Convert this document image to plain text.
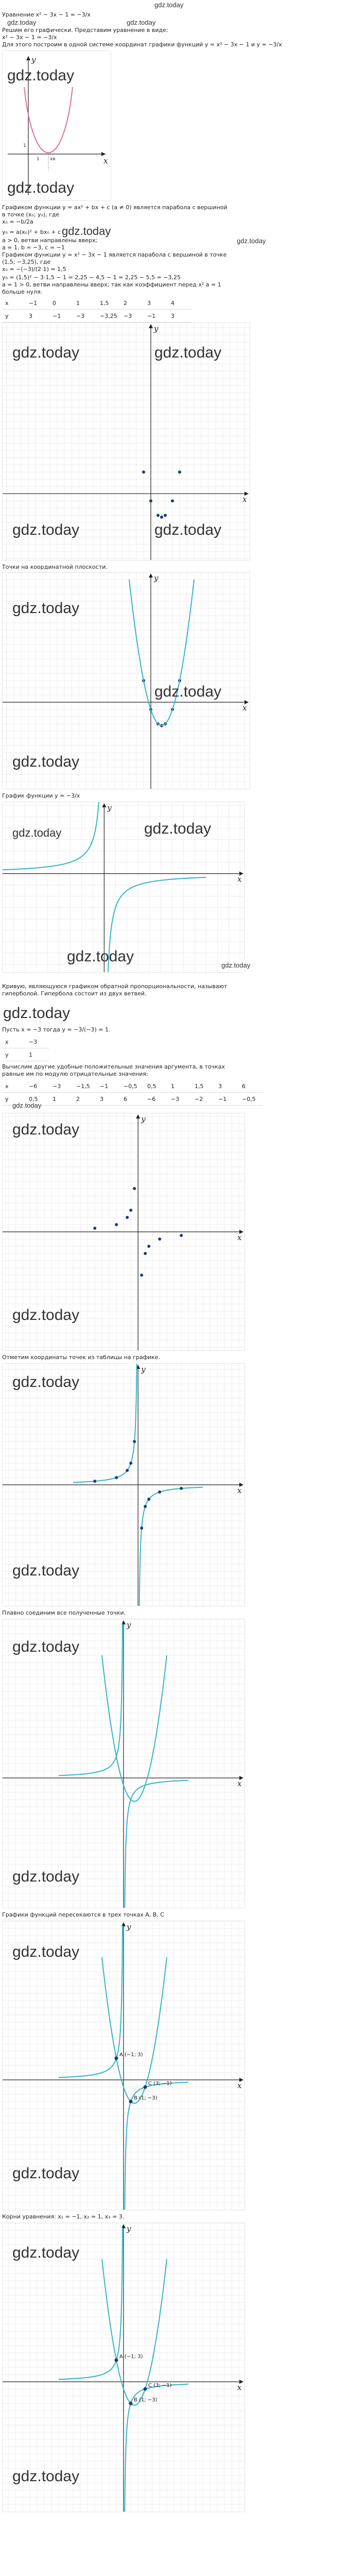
gdz.today
Уравнение x² − 3x − 1 = −3/x
gdz.today	gdz.today
Решим его графически. Представим уравнение в виде:
x² − 3x − 1 = −3/x
Для этого построим в одной системе координат графики функций y = x² − 3x − 1 и y = −3/x
x
y
1
1
xв
gdz.today
gdz.today
Графиком функции y = ax² + bx + c (a ≠ 0) является парабола с вершиной
в точке (x₀; y₀), где
x₀ = −b/2a
y₀ = a(x₀)² + bx₀ + c gdz.today
a > 0, ветви направлены вверх;	gdz.today
a = 1, b = −3, c = −1
Графиком функции y = x² − 3x − 1 является парабола с вершиной в точке
(1,5; −3,25), где
x₀ = −(−3)/(2·1) = 1,5
y₀ = (1,5)² − 3·1,5 − 1 = 2,25 − 4,5 − 1 = 2,25 − 5,5 = −3,25
a = 1 > 0, ветви направлены вверх; так как коэффициент перед x² a = 1
больше нуля.
x	−1	0	1	1,5	2	3	4
y	3	−1	−3	−3,25	−3	−1	3
x
y
gdz.today	gdz.today
gdz.today	gdz.today
Точки на координатной плоскости.
x
y
gdz.today
gdz.today
gdz.today
График функции y = −3/x
x
y
gdz.today	gdz.today
gdz.today
gdz.today
Кривую, являющуюся графиком обратной пропорциональности, называют
гиперболой. Гипербола состоит из двух ветвей.
gdz.today
Пусть x = −3 тогда y = −3/(−3) = 1.
x	−3
y	1
Вычислим другие удобные положительные значения аргумента, в точках
равные им по модулю отрицательные значения:
x	−6	−3	−1,5	−1	−0,5	0,5	1	1,5	3	6
y	0,5	1	2	3	6	−6	−3	−2	−1	−0,5
gdz.today
x
y
gdz.today
gdz.today
Отметим координаты точек из таблицы на графике.
x
y
gdz.today
gdz.today
Плавно соединим все полученные точки.
x
y
gdz.today
gdz.today
Графики функций пересекаются в трех точках A, B, C
x
y
A (−1; 3)
B (1; −3)
C (3; −1)
gdz.today
gdz.today
Корни уравнения: x₁ = −1, x₂ = 1, x₃ = 3.
x
y
A (−1; 3)
B (1; −3)
C (3; −1)
gdz.today
gdz.today
